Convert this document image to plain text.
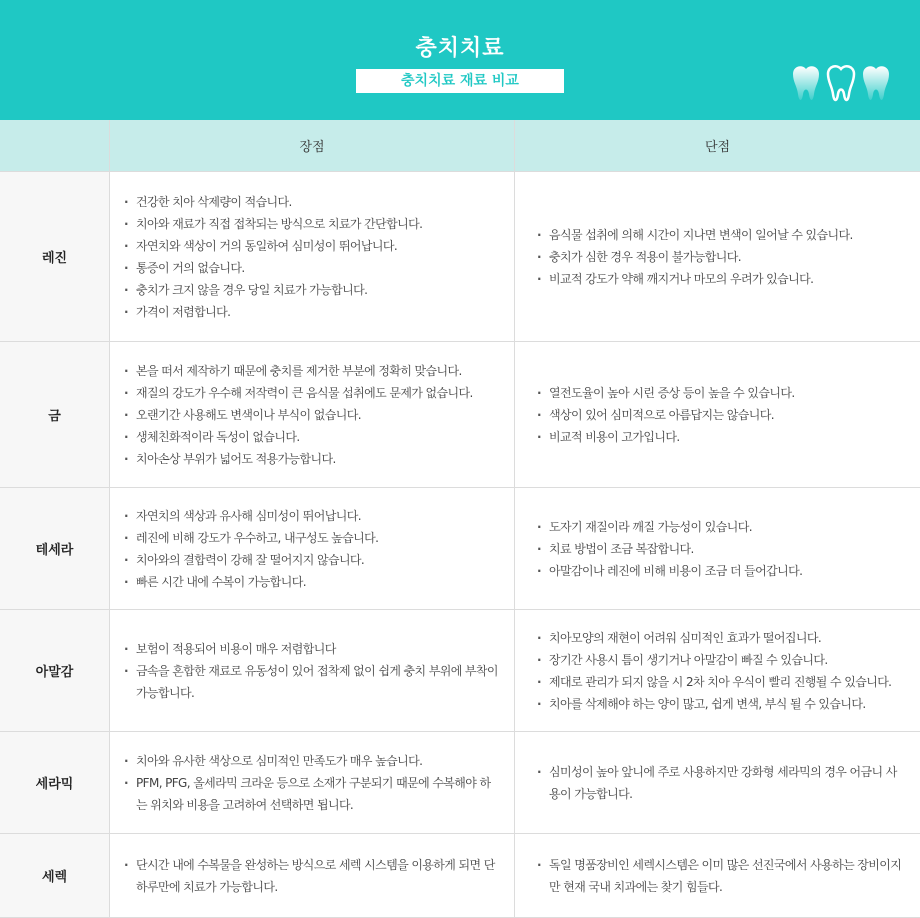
충치치료
충치치료 재료 비교
장점	단점
레진
· 건강한 치아 삭제량이 적습니다.
· 치아와 재료가 직접 접착되는 방식으로 치료가 간단합니다.
· 자연치와 색상이 거의 동일하여 심미성이 뛰어납니다.
· 통증이 거의 없습니다.
· 충치가 크지 않을 경우 당일 치료가 가능합니다.
· 가격이 저렴합니다.
· 음식물 섭취에 의해 시간이 지나면 변색이 일어날 수 있습니다.
· 충치가 심한 경우 적용이 불가능합니다.
· 비교적 강도가 약해 깨지거나 마모의 우려가 있습니다.
금
· 본을 떠서 제작하기 때문에 충치를 제거한 부분에 정확히 맞습니다.
· 재질의 강도가 우수해 저작력이 큰 음식물 섭취에도 문제가 없습니다.
· 오랜기간 사용해도 변색이나 부식이 없습니다.
· 생체친화적이라 독성이 없습니다.
· 치아손상 부위가 넓어도 적용가능합니다.
· 열전도율이 높아 시린 증상 등이 높을 수 있습니다.
· 색상이 있어 심미적으로 아름답지는 않습니다.
· 비교적 비용이 고가입니다.
테세라
· 자연치의 색상과 유사해 심미성이 뛰어납니다.
· 레진에 비해 강도가 우수하고, 내구성도 높습니다.
· 치아와의 결합력이 강해 잘 떨어지지 않습니다.
· 빠른 시간 내에 수복이 가능합니다.
· 도자기 재질이라 깨질 가능성이 있습니다.
· 치료 방법이 조금 복잡합니다.
· 아말감이나 레진에 비해 비용이 조금 더 들어갑니다.
아말감
· 보험이 적용되어 비용이 매우 저렴합니다
· 금속을 혼합한 재료로 유동성이 있어 접착제 없이 쉽게 충치 부위에 부착이 가능합니다.
· 치아모양의 재현이 어려워 심미적인 효과가 떨어집니다.
· 장기간 사용시 틈이 생기거나 아말감이 빠질 수 있습니다.
· 제대로 관리가 되지 않을 시 2차 치아 우식이 빨리 진행될 수 있습니다.
· 치아를 삭제해야 하는 양이 많고, 쉽게 변색, 부식 될 수 있습니다.
세라믹
· 치아와 유사한 색상으로 심미적인 만족도가 매우 높습니다.
· PFM, PFG, 올세라믹 크라운 등으로 소재가 구분되기 때문에 수복해야 하는 위치와 비용을 고려하여 선택하면 됩니다.
· 심미성이 높아 앞니에 주로 사용하지만 강화형 세라믹의 경우 어금니 사용이 가능합니다.
세렉
· 단시간 내에 수복물을 완성하는 방식으로 세렉 시스템을 이용하게 되면 단 하루만에 치료가 가능합니다.
· 독일 명품장비인 세렉시스템은 이미 많은 선진국에서 사용하는 장비이지만 현재 국내 치과에는 찾기 힘들다.
